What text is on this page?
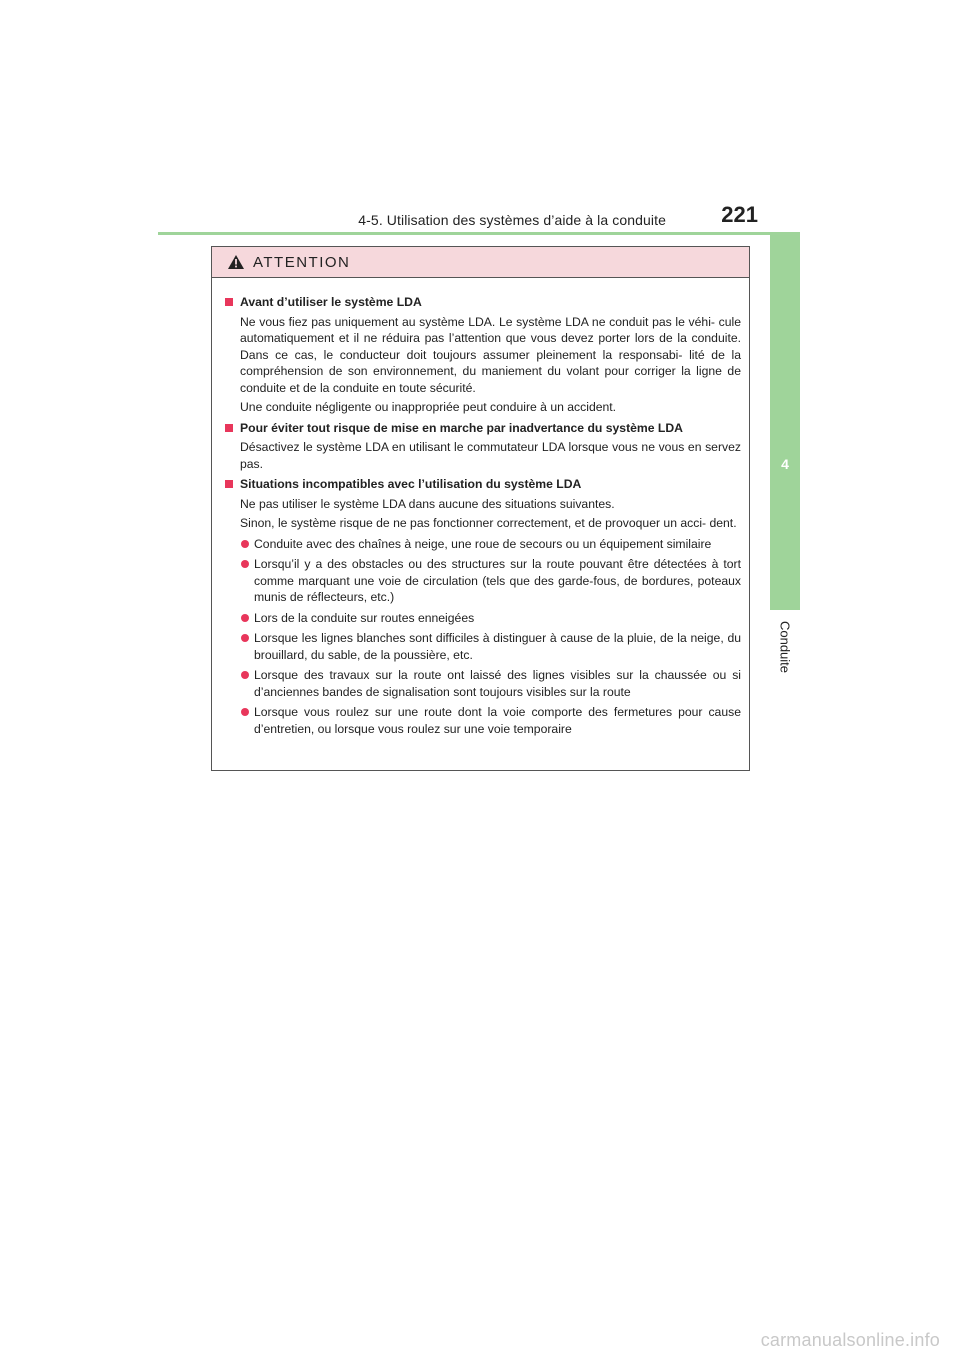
4-5. Utilisation des systèmes d’aide à la conduite	221
4
Conduite
ATTENTION
Avant d’utiliser le système LDA
Ne vous fiez pas uniquement au système LDA. Le système LDA ne conduit pas le véhi- cule automatiquement et il ne réduira pas l’attention que vous devez porter lors de la conduite. Dans ce cas, le conducteur doit toujours assumer pleinement la responsabi- lité de la compréhension de son environnement, du maniement du volant pour corriger la ligne de conduite et de la conduite en toute sécurité.
Une conduite négligente ou inappropriée peut conduire à un accident.
Pour éviter tout risque de mise en marche par inadvertance du système LDA
Désactivez le système LDA en utilisant le commutateur LDA lorsque vous ne vous en servez pas.
Situations incompatibles avec l’utilisation du système LDA
Ne pas utiliser le système LDA dans aucune des situations suivantes.
Sinon, le système risque de ne pas fonctionner correctement, et de provoquer un acci- dent.
Conduite avec des chaînes à neige, une roue de secours ou un équipement similaire
Lorsqu’il y a des obstacles ou des structures sur la route pouvant être détectées à tort comme marquant une voie de circulation (tels que des garde-fous, de bordures, poteaux munis de réflecteurs, etc.)
Lors de la conduite sur routes enneigées
Lorsque les lignes blanches sont difficiles à distinguer à cause de la pluie, de la neige, du brouillard, du sable, de la poussière, etc.
Lorsque des travaux sur la route ont laissé des lignes visibles sur la chaussée ou si d’anciennes bandes de signalisation sont toujours visibles sur la route
Lorsque vous roulez sur une route dont la voie comporte des fermetures pour cause d’entretien, ou lorsque vous roulez sur une voie temporaire
carmanualsonline.info
